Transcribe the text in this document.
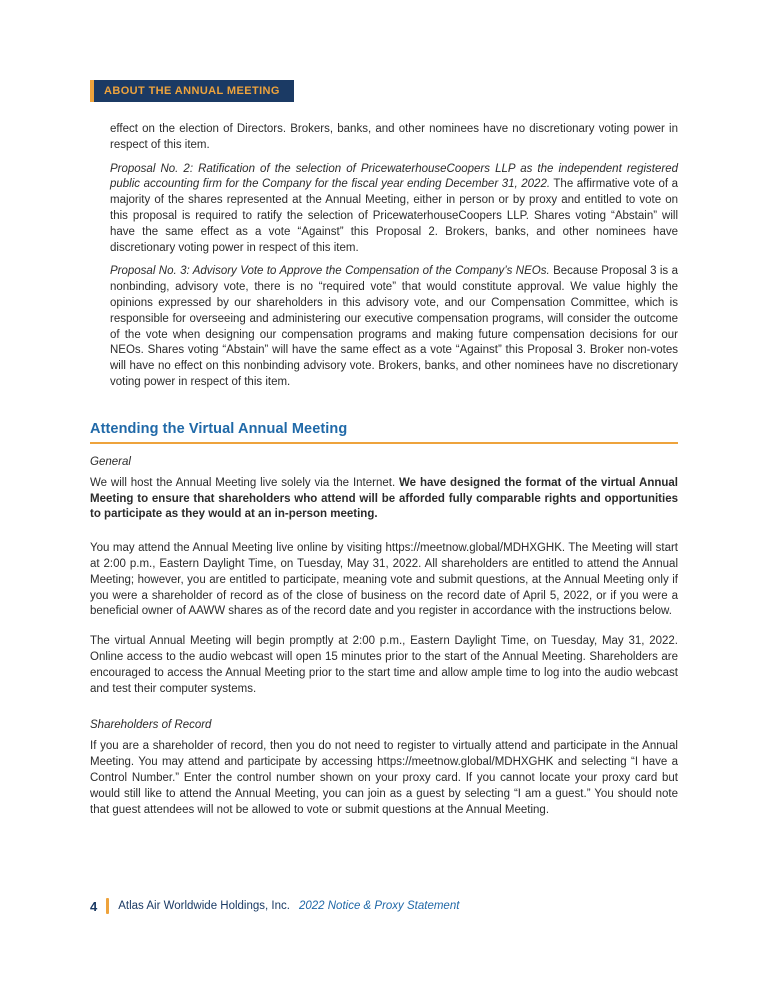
ABOUT THE ANNUAL MEETING

effect on the election of Directors. Brokers, banks, and other nominees have no discretionary voting power in respect of this item.

Proposal No. 2: Ratification of the selection of PricewaterhouseCoopers LLP as the independent registered public accounting firm for the Company for the fiscal year ending December 31, 2022. The affirmative vote of a majority of the shares represented at the Annual Meeting, either in person or by proxy and entitled to vote on this proposal is required to ratify the selection of PricewaterhouseCoopers LLP. Shares voting “Abstain” will have the same effect as a vote “Against” this Proposal 2. Brokers, banks, and other nominees have discretionary voting power in respect of this item.

Proposal No. 3: Advisory Vote to Approve the Compensation of the Company’s NEOs. Because Proposal 3 is a nonbinding, advisory vote, there is no “required vote” that would constitute approval. We value highly the opinions expressed by our shareholders in this advisory vote, and our Compensation Committee, which is responsible for overseeing and administering our executive compensation programs, will consider the outcome of the vote when designing our compensation programs and making future compensation decisions for our NEOs. Shares voting “Abstain” will have the same effect as a vote “Against” this Proposal 3. Broker non-votes will have no effect on this nonbinding advisory vote. Brokers, banks, and other nominees have no discretionary voting power in respect of this item.

Attending the Virtual Annual Meeting
General

We will host the Annual Meeting live solely via the Internet. We have designed the format of the virtual Annual Meeting to ensure that shareholders who attend will be afforded fully comparable rights and opportunities to participate as they would at an in-person meeting.

You may attend the Annual Meeting live online by visiting https://meetnow.global/MDHXGHK. The Meeting will start at 2:00 p.m., Eastern Daylight Time, on Tuesday, May 31, 2022. All shareholders are entitled to attend the Annual Meeting; however, you are entitled to participate, meaning vote and submit questions, at the Annual Meeting only if you were a shareholder of record as of the close of business on the record date of April 5, 2022, or if you were a beneficial owner of AAWW shares as of the record date and you register in accordance with the instructions below.

The virtual Annual Meeting will begin promptly at 2:00 p.m., Eastern Daylight Time, on Tuesday, May 31, 2022. Online access to the audio webcast will open 15 minutes prior to the start of the Annual Meeting. Shareholders are encouraged to access the Annual Meeting prior to the start time and allow ample time to log into the audio webcast and test their computer systems.

Shareholders of Record

If you are a shareholder of record, then you do not need to register to virtually attend and participate in the Annual Meeting. You may attend and participate by accessing https://meetnow.global/MDHXGHK and selecting “I have a Control Number.” Enter the control number shown on your proxy card. If you cannot locate your proxy card but would still like to attend the Annual Meeting, you can join as a guest by selecting “I am a guest.” You should note that guest attendees will not be allowed to vote or submit questions at the Annual Meeting.

4 Atlas Air Worldwide Holdings, Inc. 2022 Notice & Proxy Statement
